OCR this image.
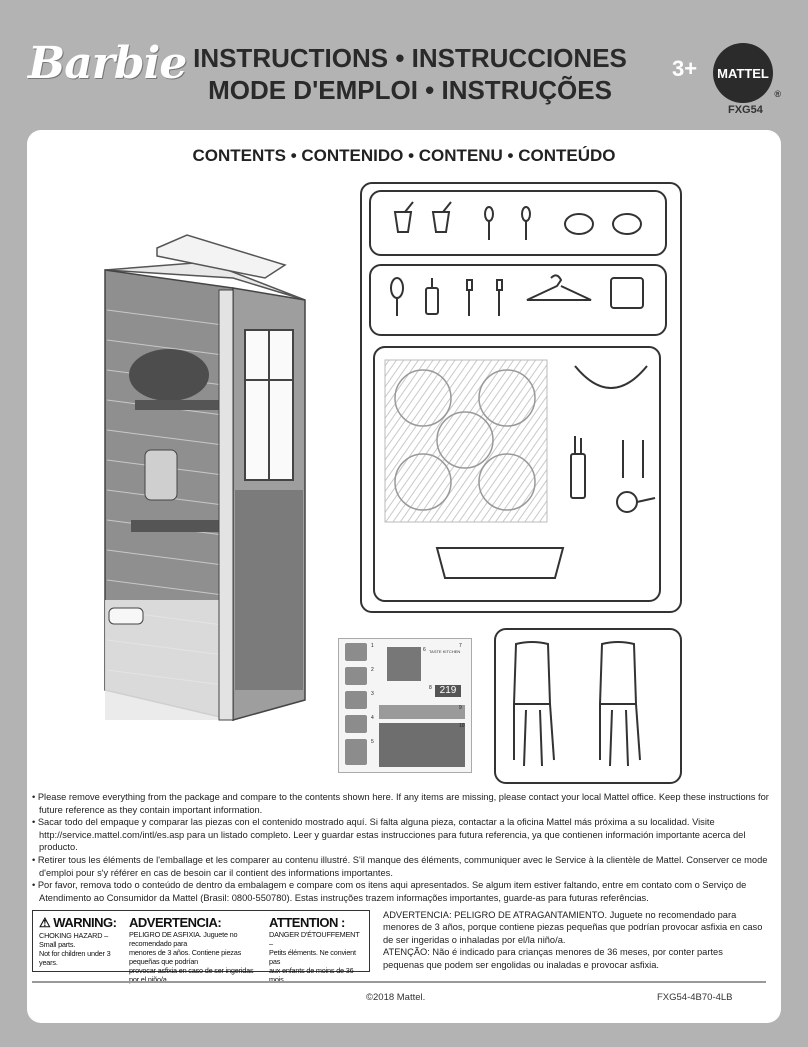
Barbie INSTRUCTIONS • INSTRUCCIONES
MODE D'EMPLOI • INSTRUÇÕES
3+ MATTEL
®
FXG54
CONTENTS • CONTENIDO • CONTENU • CONTEÚDO
TASTE KITCHEN
219
1
2
3
4
5
6
7
8
9
10

• Please remove everything from the package and compare to the contents shown here. If any items are missing, please contact your local Mattel office. Keep these instructions for future reference as they contain important information.

• Sacar todo del empaque y comparar las piezas con el contenido mostrado aquí. Si falta alguna pieza, contactar a la oficina Mattel más próxima a su localidad. Visite http://service.mattel.com/intl/es.asp para un listado completo. Leer y guardar estas instrucciones para futura referencia, ya que contienen información importante acerca del producto.

• Retirer tous les éléments de l'emballage et les comparer au contenu illustré. S'il manque des éléments, communiquer avec le Service à la clientèle de Mattel. Conserver ce mode d'emploi pour s'y référer en cas de besoin car il contient des informations importantes.

• Por favor, remova todo o conteúdo de dentro da embalagem e compare com os itens aqui apresentados. Se algum item estiver faltando, entre em contato com o Serviço de Atendimento ao Consumidor da Mattel (Brasil: 0800-550780). Estas instruções trazem informações importantes, guarde-as para futuras referências.

⚠ WARNING:
CHOKING HAZARD – Small parts.
Not for children under 3 years.
ADVERTENCIA:
PELIGRO DE ASFIXIA. Juguete no recomendado para
menores de 3 años. Contiene piezas pequeñas que podrían
provocar asfixia en caso de ser ingeridas por el niño/a.
ATTENTION :
DANGER D'ÉTOUFFEMENT –
Petits éléments. Ne convient pas
aux enfants de moins de 36 mois.
ADVERTENCIA: PELIGRO DE ATRAGANTAMIENTO. Juguete no recomendado para menores de 3 años, porque contiene piezas pequeñas que podrían provocar asfixia en caso de ser ingeridas o inhaladas por el/la niño/a.
ATENÇÃO: Não é indicado para crianças menores de 36 meses, por conter partes pequenas que podem ser engolidas ou inaladas e provocar asfixia.
©2018 Mattel.	FXG54-4B70-4LB
